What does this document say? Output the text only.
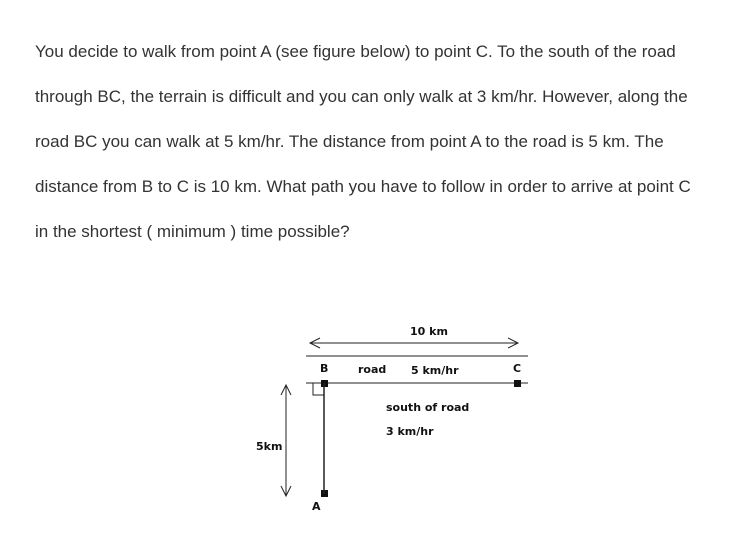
You decide to walk from point A (see figure below) to point C. To the south of the road
through BC, the terrain is difficult and you can only walk at 3 km/hr. However, along the
road BC you can walk at 5 km/hr. The distance from point A to the road is 5 km. The
distance from B to C is 10 km. What path you have to follow in order to arrive at point C
in the shortest ( minimum ) time possible?
10 km
B	C
A
road 5 km/hr
south of road
3 km/hr
5km
